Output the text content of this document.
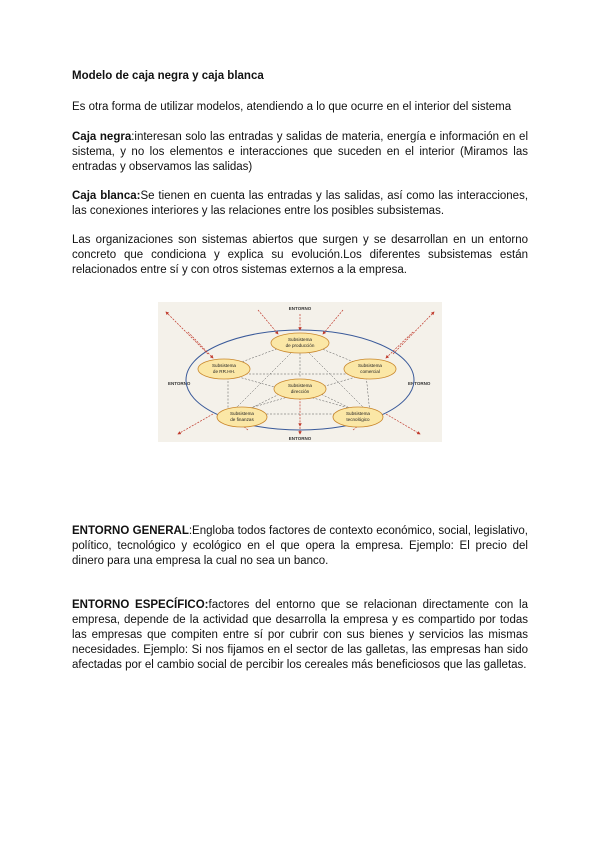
Modelo de caja negra y caja blanca

Es otra forma de utilizar modelos, atendiendo a lo que ocurre en el interior del sistema

Caja negra:interesan solo las entradas y salidas de materia, energía e información en el sistema, y no los elementos e interacciones que suceden en el interior (Miramos las entradas y observamos las salidas)

Caja blanca:Se tienen en cuenta las entradas y las salidas, así como las interacciones, las conexiones interiores y las relaciones entre los posibles subsistemas.

Las organizaciones son sistemas abiertos que surgen y se desarrollan en un entorno concreto que condiciona y explica su evolución.Los diferentes subsistemas están relacionados entre sí y con otros sistemas externos a la empresa.

ENTORNO
ENTORNO
ENTORNO	ENTORNO
Subsistema
de producción
Subsistema
de RR.HH.
Subsistema
comercial
Subsistema
dirección
Subsistema
de finanzas
Subsistema
tecnológico

ENTORNO GENERAL:Engloba todos factores de contexto económico, social, legislativo, político, tecnológico y ecológico en el que opera la empresa. Ejemplo: El precio del dinero para una empresa la cual no sea un banco.

ENTORNO ESPECÍFICO:factores del entorno que se relacionan directamente con la empresa, depende de la actividad que desarrolla la empresa y es compartido por todas las empresas que compiten entre sí por cubrir con sus bienes y servicios las mismas necesidades. Ejemplo: Si nos fijamos en el sector de las galletas, las empresas han sido afectadas por el cambio social de percibir los cereales más beneficiosos que las galletas.
